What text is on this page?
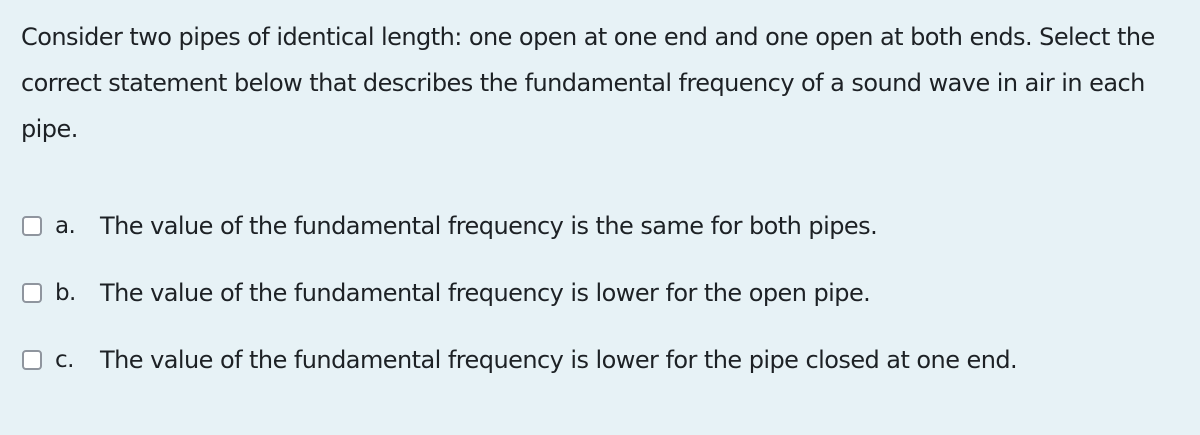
Consider two pipes of identical length: one open at one end and one open at both ends. Select the correct statement below that describes the fundamental frequency of a sound wave in air in each pipe.
a.	The value of the fundamental frequency is the same for both pipes.
b.	The value of the fundamental frequency is lower for the open pipe.
c.	The value of the fundamental frequency is lower for the pipe closed at one end.
